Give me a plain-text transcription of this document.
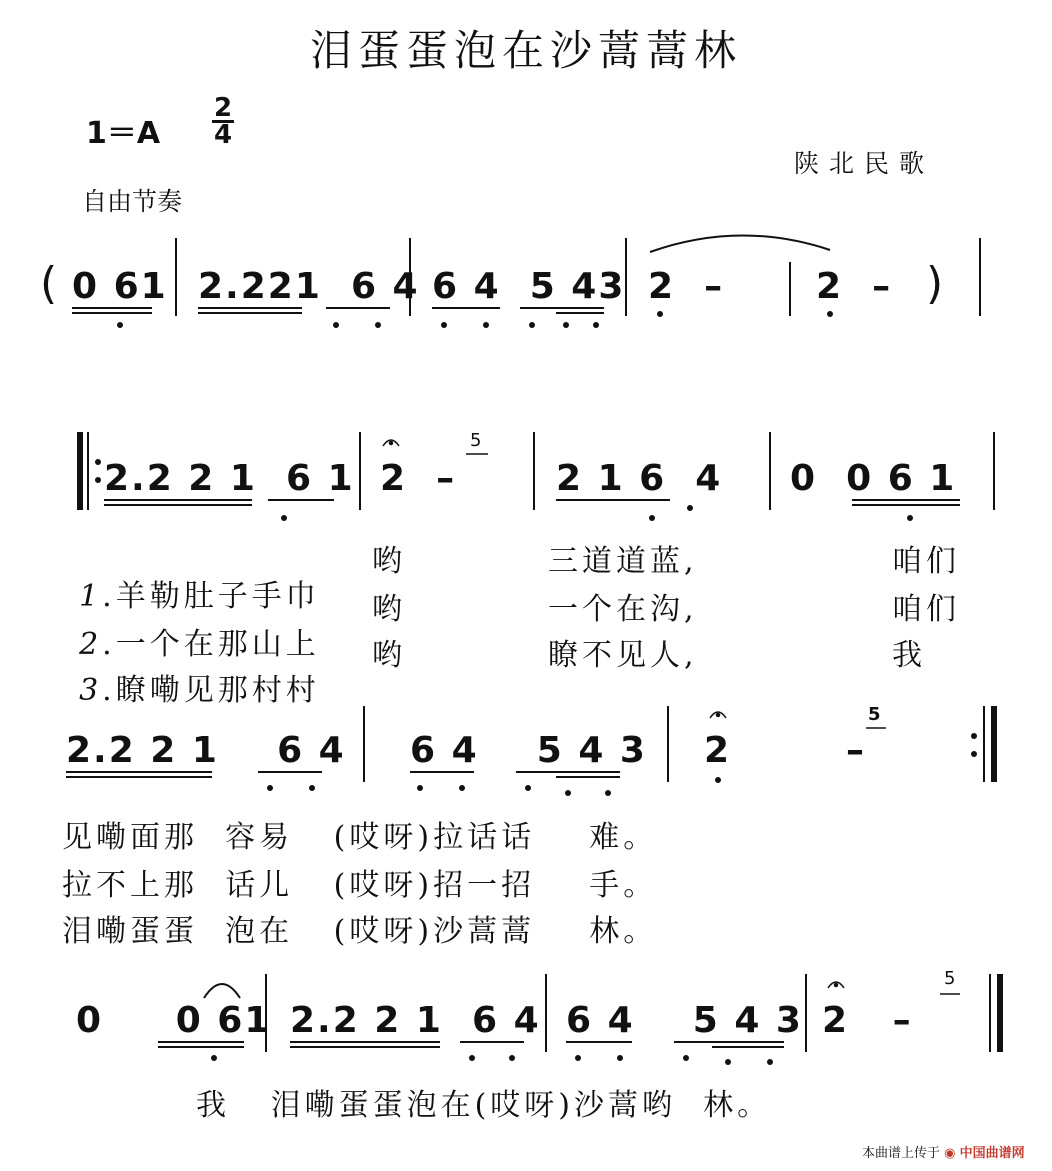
泪蛋蛋泡在沙蒿蒿林
1＝A
2
4
陕北民歌
自由节奏
( 0 61 2.221  6 4 6 4  5 43 2  –	2  – )
2.2 2 1  6 1 2  –
5
2 1 6  4 0  0 6 1

1.羊勒肚子手巾

哟	三道道蓝,	咱们

2.一个在那山上

哟	一个在沟,	咱们

3.瞭嘞见那村村

哟	瞭不见人,	我
2.2 2 1    6 4 6 4    5 4 3 2	–
5
见嘞面那  容易   (哎呀)拉话话    难。
拉不上那  话儿   (哎呀)招一招    手。
泪嘞蛋蛋  泡在   (哎呀)沙蒿蒿    林。
0     0 61 2.2 2 1  6 4 6 4    5 4 3 2   –
5
我   泪嘞蛋蛋泡在(哎呀)沙蒿哟  林。
本曲谱上传于 ◉ 中国曲谱网
